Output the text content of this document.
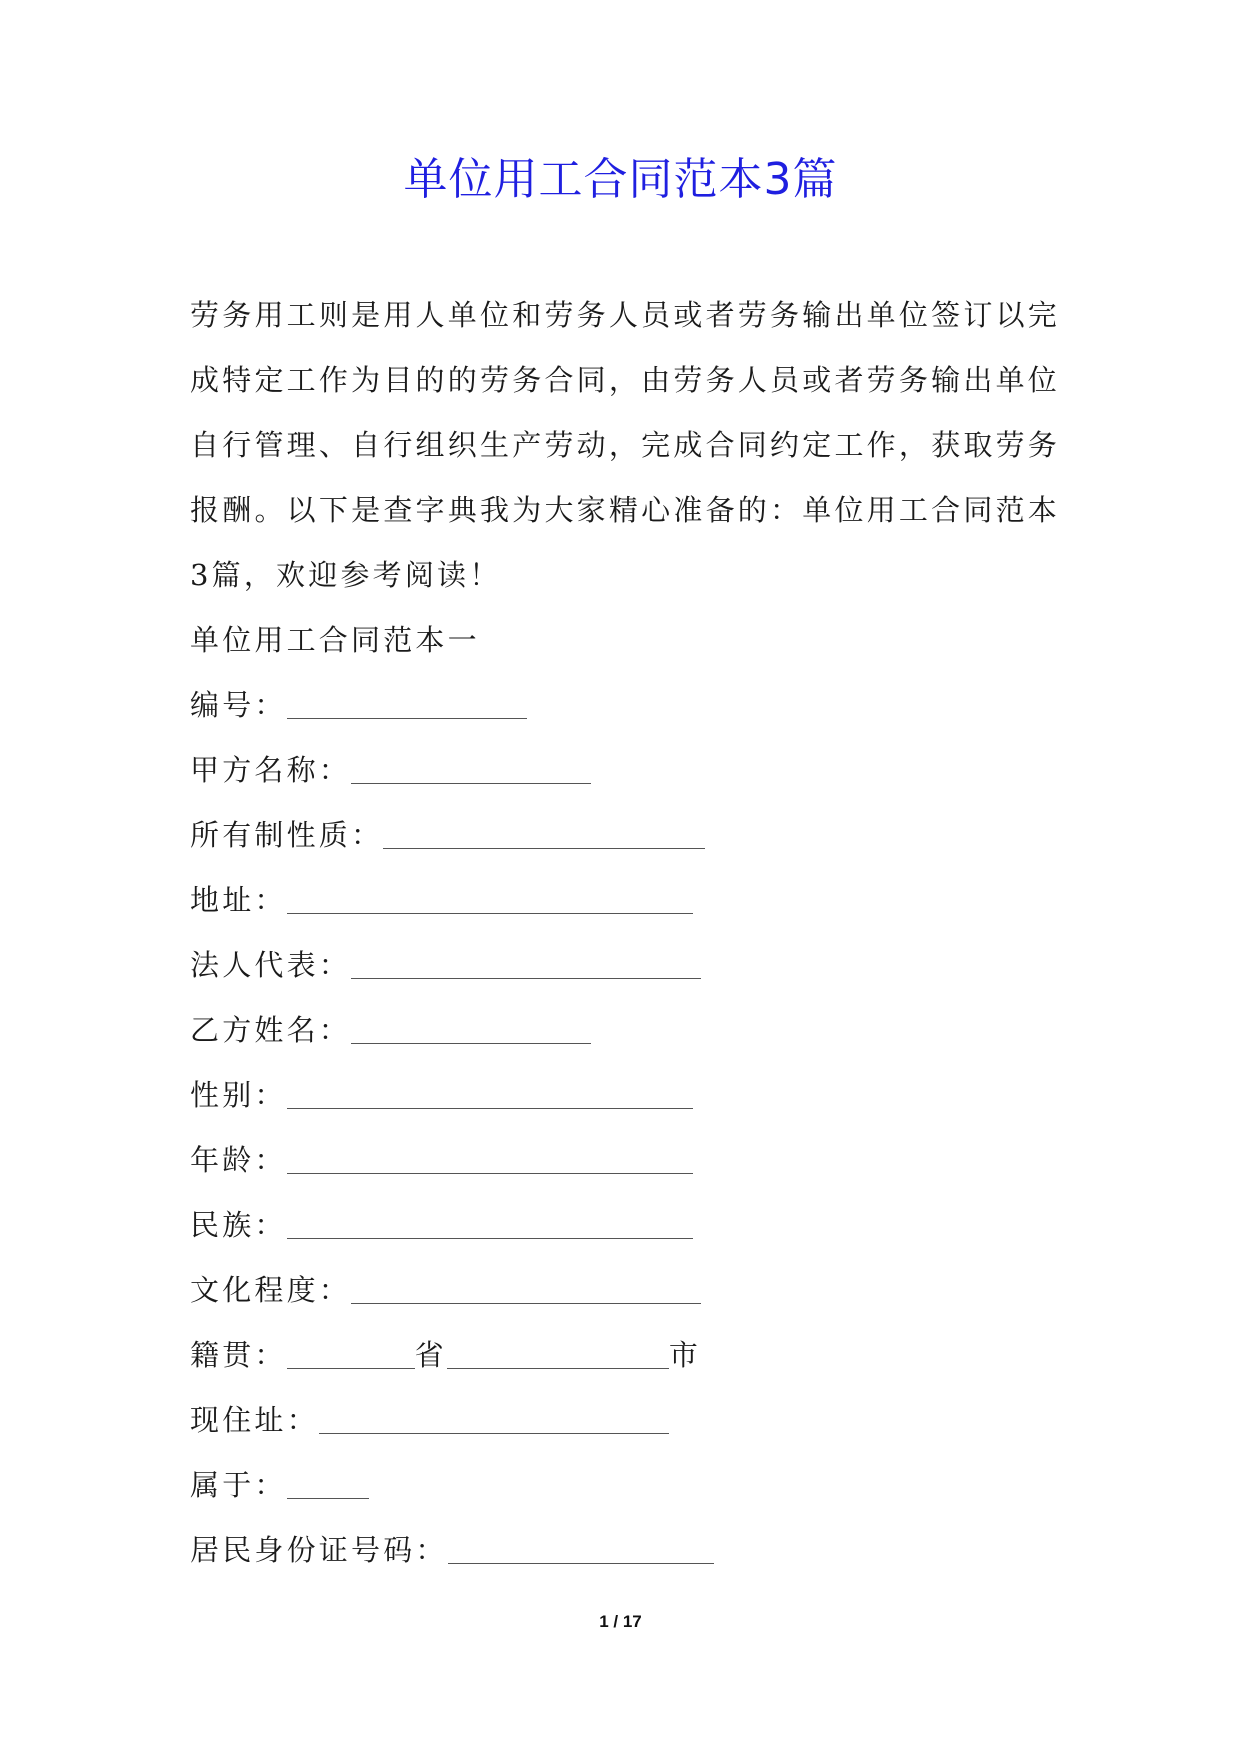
单位用工合同范本3篇

劳务用工则是用人单位和劳务人员或者劳务输出单位签订以完成特定工作为目的的劳务合同，由劳务人员或者劳务输出单位自行管理、自行组织生产劳动，完成合同约定工作，获取劳务报酬。以下是查字典我为大家精心准备的：单位用工合同范本3篇，欢迎参考阅读！

单位用工合同范本一
编号：
甲方名称：
所有制性质：
地址：
法人代表：
乙方姓名：
性别：
年龄：
民族：
文化程度：
籍贯：	省	市
现住址：
属于：
居民身份证号码：
1 / 17
